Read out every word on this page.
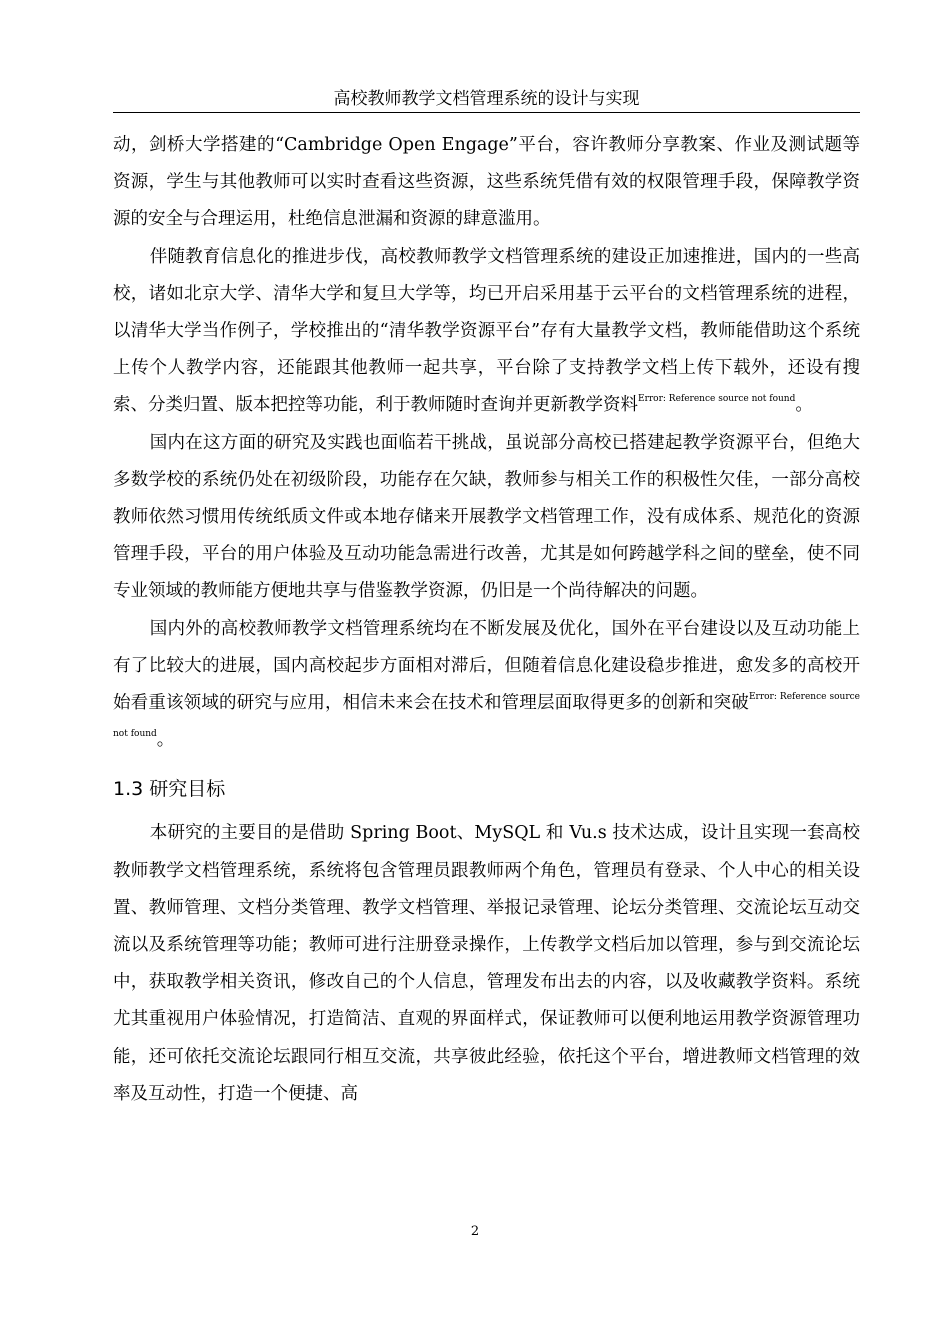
高校教师教学文档管理系统的设计与实现

动，剑桥大学搭建的“Cambridge Open Engage”平台，容许教师分享教案、作业及测试题等资源，学生与其他教师可以实时查看这些资源，这些系统凭借有效的权限管理手段，保障教学资源的安全与合理运用，杜绝信息泄漏和资源的肆意滥用。

伴随教育信息化的推进步伐，高校教师教学文档管理系统的建设正加速推进，国内的一些高校，诸如北京大学、清华大学和复旦大学等，均已开启采用基于云平台的文档管理系统的进程，以清华大学当作例子，学校推出的“清华教学资源平台”存有大量教学文档，教师能借助这个系统上传个人教学内容，还能跟其他教师一起共享，平台除了支持教学文档上传下载外，还设有搜索、分类归置、版本把控等功能，利于教师随时查询并更新教学资料$^{Error: Reference source not found}$。

国内在这方面的研究及实践也面临若干挑战，虽说部分高校已搭建起教学资源平台，但绝大多数学校的系统仍处在初级阶段，功能存在欠缺，教师参与相关工作的积极性欠佳，一部分高校教师依然习惯用传统纸质文件或本地存储来开展教学文档管理工作，没有成体系、规范化的资源管理手段，平台的用户体验及互动功能急需进行改善，尤其是如何跨越学科之间的壁垒，使不同专业领域的教师能方便地共享与借鉴教学资源，仍旧是一个尚待解决的问题。

国内外的高校教师教学文档管理系统均在不断发展及优化，国外在平台建设以及互动功能上有了比较大的进展，国内高校起步方面相对滞后，但随着信息化建设稳步推进，愈发多的高校开始看重该领域的研究与应用，相信未来会在技术和管理层面取得更多的创新和突破$^{Error: Reference source not found}$。

1.3 研究目标

本研究的主要目的是借助 Spring Boot、MySQL 和 Vu.s 技术达成，设计且实现一套高校教师教学文档管理系统，系统将包含管理员跟教师两个角色，管理员有登录、个人中心的相关设置、教师管理、文档分类管理、教学文档管理、举报记录管理、论坛分类管理、交流论坛互动交流以及系统管理等功能；教师可进行注册登录操作，上传教学文档后加以管理，参与到交流论坛中，获取教学相关资讯，修改自己的个人信息，管理发布出去的内容，以及收藏教学资料。系统尤其重视用户体验情况，打造简洁、直观的界面样式，保证教师可以便利地运用教学资源管理功能，还可依托交流论坛跟同行相互交流，共享彼此经验，依托这个平台，增进教师文档管理的效率及互动性，打造一个便捷、高

2
